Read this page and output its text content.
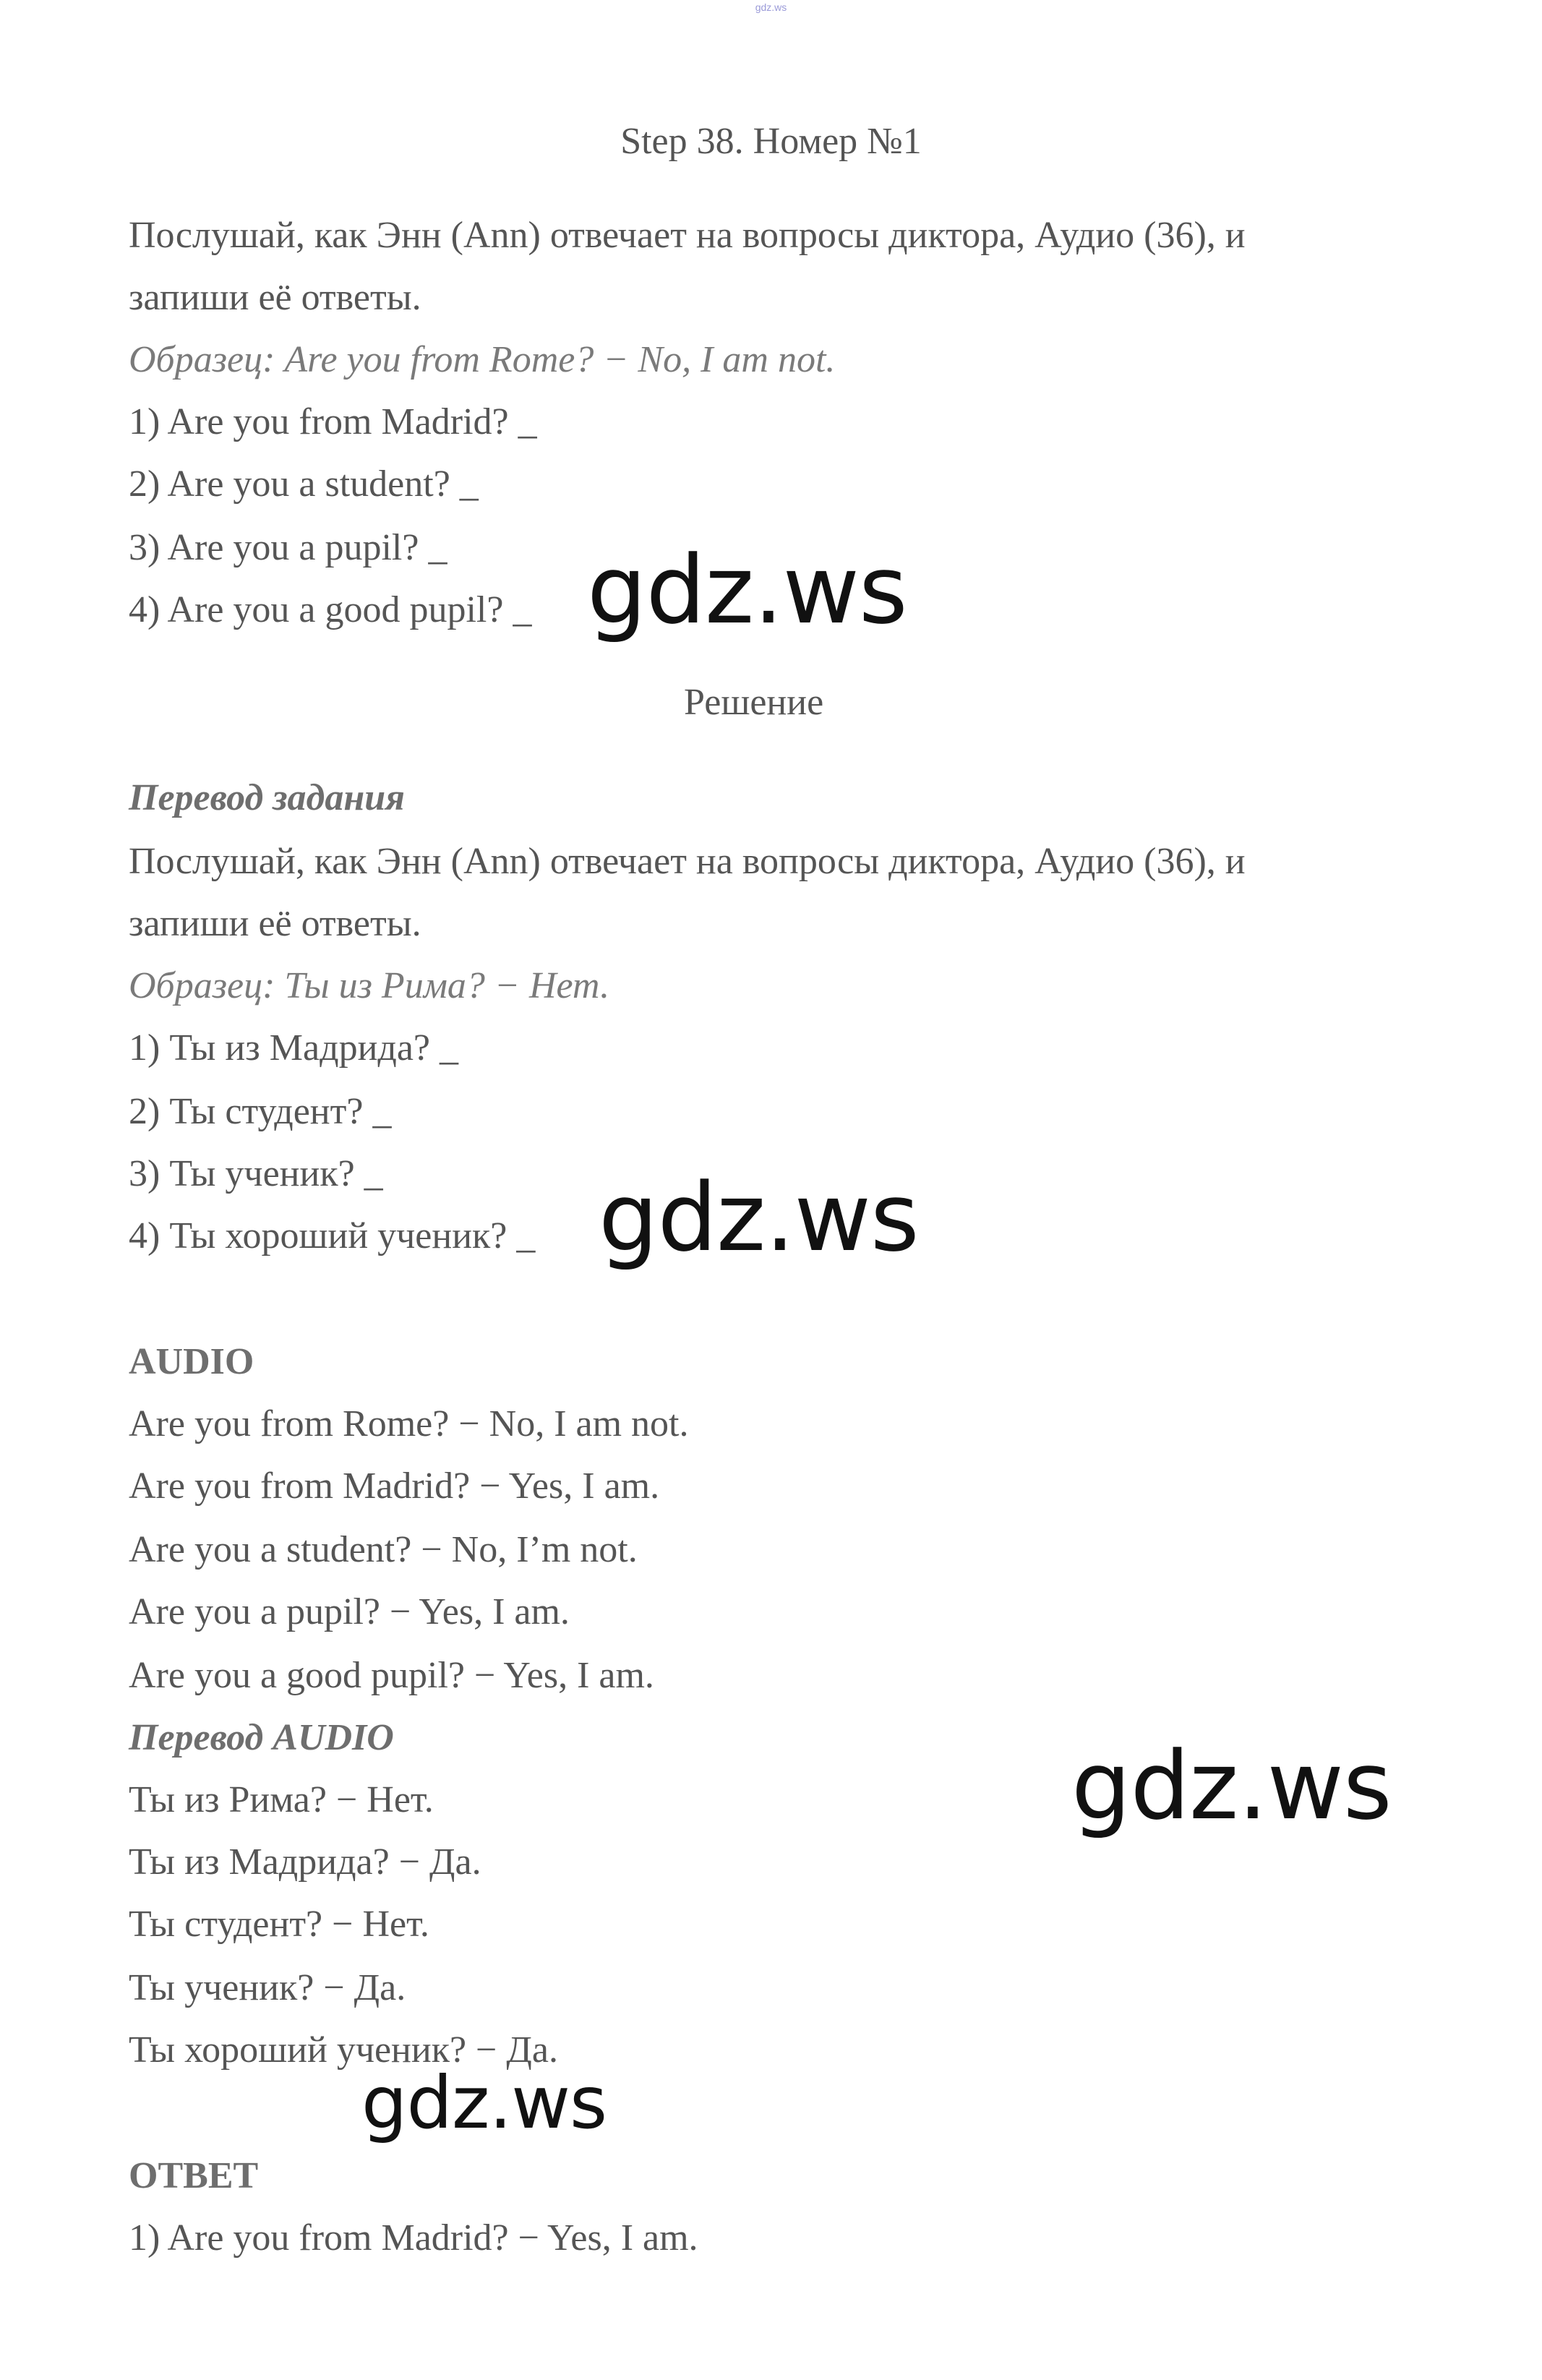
gdz.ws
Step 38. Номер №1
Послушай, как Энн (Ann) отвечает на вопросы диктора, Аудио (36), и
запиши её ответы.
Образец: Are you from Rome? − No, I am not.
1) Are you from Madrid? _
2) Are you a student? _
3) Are you a pupil? _
4) Are you a good pupil? _ gdz.ws
Решение
Перевод задания
Послушай, как Энн (Ann) отвечает на вопросы диктора, Аудио (36), и
запиши её ответы.
Образец: Ты из Рима? − Нет.
1) Ты из Мадрида? _
2) Ты студент? _
3) Ты ученик? _
4) Ты хороший ученик? _ gdz.ws
AUDIO
Are you from Rome? − No, I am not.
Are you from Madrid? − Yes, I am.
Are you a student? − No, I’m not.
Are you a pupil? − Yes, I am.
Are you a good pupil? − Yes, I am.
Перевод AUDIO
Ты из Рима? − Нет.
Ты из Мадрида? − Да.
Ты студент? − Нет.
Ты ученик? − Да.
Ты хороший ученик? − Да.
gdz.ws
gdz.ws
ОТВЕТ
1) Are you from Madrid? − Yes, I am.
